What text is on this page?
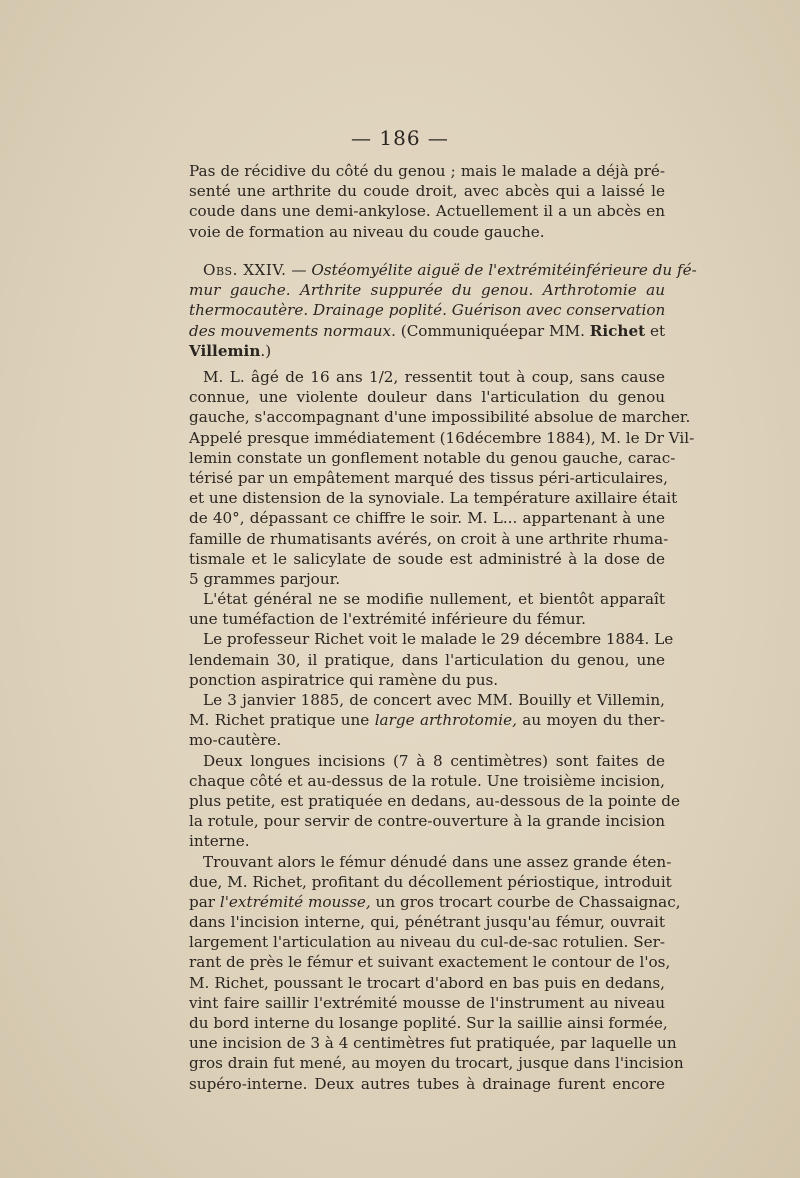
— 186 —
Pas de récidive du côté du genou ; mais le malade a déjà pré-
senté une arthrite du coude droit, avec abcès qui a laissé le
coude dans une demi-ankylose. Actuellement il a un abcès en
voie de formation au niveau du coude gauche.
Obs. XXIV. — Ostéomyélite aiguë de l'extrémitéinférieure du fé-
mur gauche. Arthrite suppurée du genou. Arthrotomie au
thermocautère. Drainage poplité. Guérison avec conservation
des mouvements normaux. (Communiquéepar MM. Richet et
Villemin.)
M. L. âgé de 16 ans 1/2, ressentit tout à coup, sans cause
connue, une violente douleur dans l'articulation du genou
gauche, s'accompagnant d'une impossibilité absolue de marcher.
Appelé presque immédiatement (16décembre 1884), M. le Dr Vil-
lemin constate un gonflement notable du genou gauche, carac-
térisé par un empâtement marqué des tissus péri-articulaires,
et une distension de la synoviale. La température axillaire était
de 40°, dépassant ce chiffre le soir. M. L... appartenant à une
famille de rhumatisants avérés, on croit à une arthrite rhuma-
tismale et le salicylate de soude est administré à la dose de
5 grammes parjour.
L'état général ne se modifie nullement, et bientôt apparaît
une tuméfaction de l'extrémité inférieure du fémur.
Le professeur Richet voit le malade le 29 décembre 1884. Le
lendemain 30, il pratique, dans l'articulation du genou, une
ponction aspiratrice qui ramène du pus.
Le 3 janvier 1885, de concert avec MM. Bouilly et Villemin,
M. Richet pratique une large arthrotomie, au moyen du ther-
mo-cautère.
Deux longues incisions (7 à 8 centimètres) sont faites de
chaque côté et au-dessus de la rotule. Une troisième incision,
plus petite, est pratiquée en dedans, au-dessous de la pointe de
la rotule, pour servir de contre-ouverture à la grande incision
interne.
Trouvant alors le fémur dénudé dans une assez grande éten-
due, M. Richet, profitant du décollement périostique, introduit
par l'extrémité mousse, un gros trocart courbe de Chassaignac,
dans l'incision interne, qui, pénétrant jusqu'au fémur, ouvrait
largement l'articulation au niveau du cul-de-sac rotulien. Ser-
rant de près le fémur et suivant exactement le contour de l'os,
M. Richet, poussant le trocart d'abord en bas puis en dedans,
vint faire saillir l'extrémité mousse de l'instrument au niveau
du bord interne du losange poplité. Sur la saillie ainsi formée,
une incision de 3 à 4 centimètres fut pratiquée, par laquelle un
gros drain fut mené, au moyen du trocart, jusque dans l'incision
supéro-interne. Deux autres tubes à drainage furent encore
